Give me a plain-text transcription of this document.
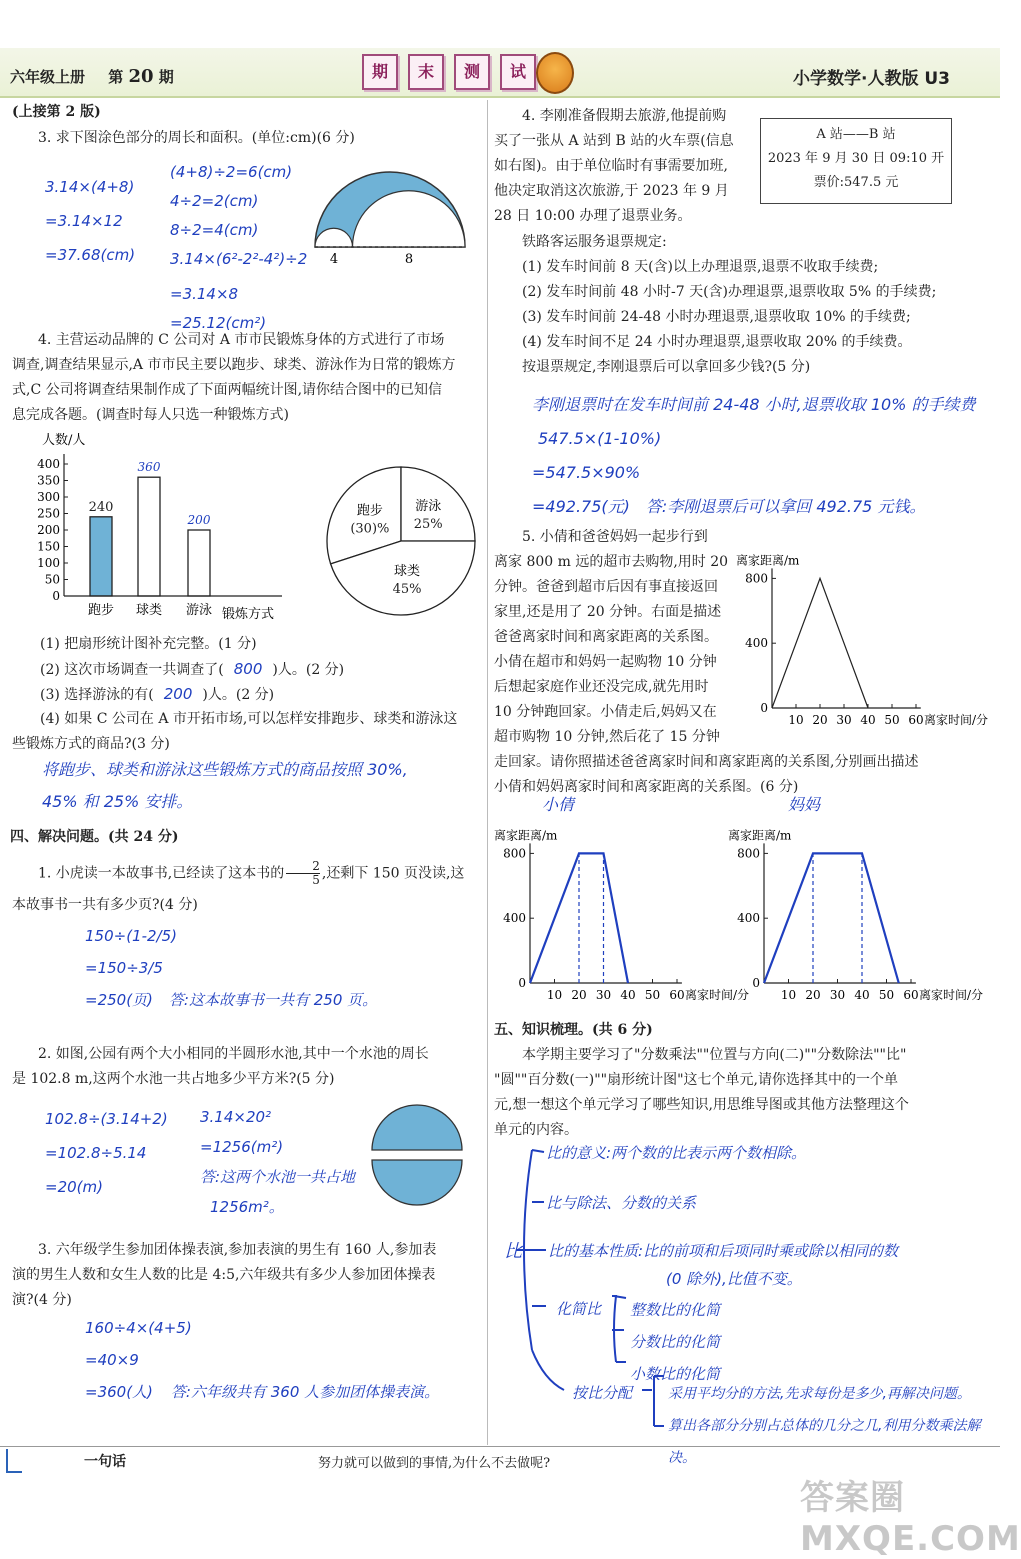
六年级上册 第 20 期	期	末	测	试	小学数学·人教版 U3
(上接第 2 版)
3. 求下图涂色部分的周长和面积。(单位:cm)(6 分)
3.14×(4+8)
=3.14×12
=37.68(cm)
(4+8)÷2=6(cm)
4÷2=2(cm)
8÷2=4(cm)
3.14×(6²-2²-4²)÷2
=3.14×8
=25.12(cm²)
4	8
4. 主营运动品牌的 C 公司对 A 市市民锻炼身体的方式进行了市场
调查,调查结果显示,A 市市民主要以跑步、球类、游泳作为日常的锻炼方
式,C 公司将调查结果制作成了下面两幅统计图,请你结合图中的已知信
息完成各题。(调查时每人只选一种锻炼方式)
人数/人
400
350
300
250
200
150
100
50
0
240
跑步
360
球类
200
游泳 锻炼方式
跑步
(30)%
游泳
25%
球类
45%
(1) 把扇形统计图补充完整。(1 分)
(2) 这次市场调查一共调查了( 800 )人。(2 分)
(3) 选择游泳的有( 200 )人。(2 分)
(4) 如果 C 公司在 A 市开拓市场,可以怎样安排跑步、球类和游泳这
些锻炼方式的商品?(3 分)
将跑步、球类和游泳这些锻炼方式的商品按照 30%,
45% 和 25% 安排。
四、解决问题。(共 24 分)
1. 小虎读一本故事书,已经读了这本书的 $\frac{2}{5}$ ,还剩下 150 页没读,这
本故事书一共有多少页?(4 分)
150÷(1-2/5)
=150÷3/5
=250(页) 答:这本故事书一共有 250 页。
2. 如图,公园有两个大小相同的半圆形水池,其中一个水池的周长
是 102.8 m,这两个水池一共占地多少平方米?(5 分)
102.8÷(3.14+2)
=102.8÷5.14
=20(m)
3.14×20²
=1256(m²)
答:这两个水池一共占地
1256m²。
3. 六年级学生参加团体操表演,参加表演的男生有 160 人,参加表
演的男生人数和女生人数的比是 4:5,六年级共有多少人参加团体操表
演?(4 分)
160÷4×(4+5)
=40×9
=360(人) 答:六年级共有 360 人参加团体操表演。
4. 李刚准备假期去旅游,他提前购
买了一张从 A 站到 B 站的火车票(信息
如右图)。由于单位临时有事需要加班,
他决定取消这次旅游,于 2023 年 9 月
28 日 10:00 办理了退票业务。
A 站——B 站
2023 年 9 月 30 日 09:10 开
票价:547.5 元
铁路客运服务退票规定:
(1) 发车时间前 8 天(含)以上办理退票,退票不收取手续费;
(2) 发车时间前 48 小时-7 天(含)办理退票,退票收取 5% 的手续费;
(3) 发车时间前 24-48 小时办理退票,退票收取 10% 的手续费;
(4) 发车时间不足 24 小时办理退票,退票收取 20% 的手续费。
按退票规定,李刚退票后可以拿回多少钱?(5 分)
李刚退票时在发车时间前 24-48 小时,退票收取 10% 的手续费
547.5×(1-10%)
=547.5×90%
=492.75(元) 答:李刚退票后可以拿回 492.75 元钱。
5. 小倩和爸爸妈妈一起步行到
离家 800 m 远的超市去购物,用时 20
分钟。爸爸到超市后因有事直接返回
家里,还是用了 20 分钟。右面是描述
爸爸离家时间和离家距离的关系图。
小倩在超市和妈妈一起购物 10 分钟
后想起家庭作业还没完成,就先用时
10 分钟跑回家。小倩走后,妈妈又在
超市购物 10 分钟,然后花了 15 分钟
走回家。请你照描述爸爸离家时间和离家距离的关系图,分别画出描述
小倩和妈妈离家时间和离家距离的关系图。(6 分)
离家距离/m
800
400
0
10 20 30 40 50 60 离家时间/分
小倩	妈妈
离家距离/m
800
400
0
10 20 30 40 50 60 离家时间/分
离家距离/m
800
400
0
10 20 30 40 50 60 离家时间/分
五、知识梳理。(共 6 分)
本学期主要学习了"分数乘法""位置与方向(二)""分数除法""比"
"圆""百分数(一)""扇形统计图"这七个单元,请你选择其中的一个单
元,想一想这个单元学习了哪些知识,用思维导图或其他方法整理这个
单元的内容。
比
比的意义:两个数的比表示两个数相除。
比与除法、分数的关系
比的基本性质:比的前项和后项同时乘或除以相同的数
(0 除外),比值不变。
化简比 整数比的化简
分数比的化简
小数比的化简
按比分配	采用平均分的方法,先求每份是多少,再解决问题。
算出各部分分别占总体的几分之几,利用分数乘法解决。
一句话	努力就可以做到的事情,为什么不去做呢?
答案圈 MXQE.COM
